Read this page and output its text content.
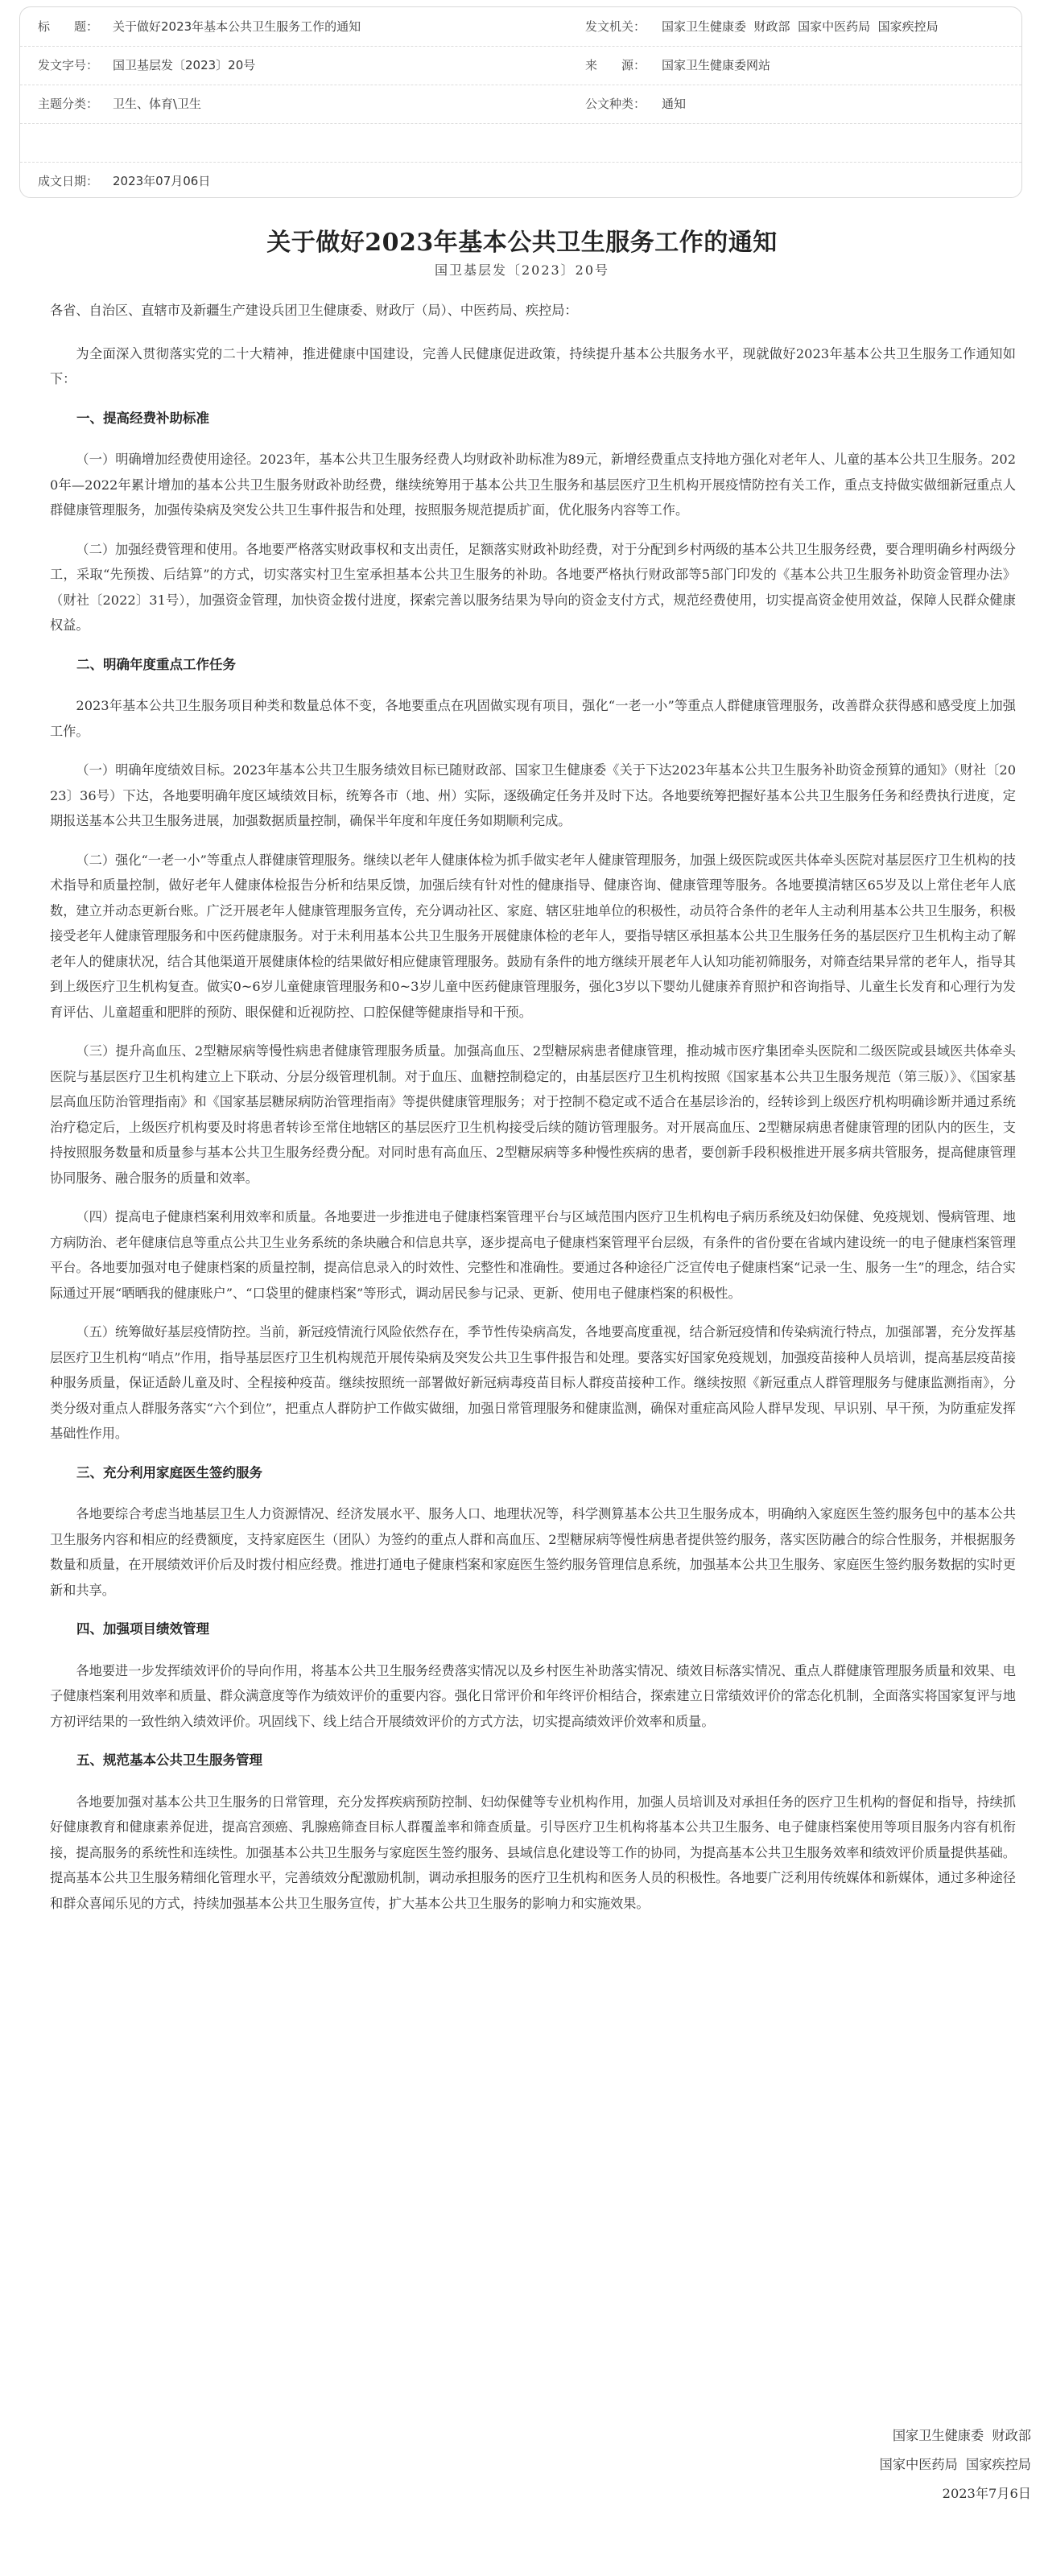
标　　题： 关于做好2023年基本公共卫生服务工作的通知	发文机关： 国家卫生健康委  财政部  国家中医药局  国家疾控局
发文字号： 国卫基层发〔2023〕20号	来　　源： 国家卫生健康委网站
主题分类： 卫生、体育\卫生	公文种类： 通知
成文日期： 2023年07月06日
关于做好2023年基本公共卫生服务工作的通知
国卫基层发〔2023〕20号

各省、自治区、直辖市及新疆生产建设兵团卫生健康委、财政厅（局）、中医药局、疾控局：

为全面深入贯彻落实党的二十大精神，推进健康中国建设，完善人民健康促进政策，持续提升基本公共服务水平，现就做好2023年基本公共卫生服务工作通知如下：

一、提高经费补助标准

（一）明确增加经费使用途径。2023年，基本公共卫生服务经费人均财政补助标准为89元，新增经费重点支持地方强化对老年人、儿童的基本公共卫生服务。2020年—2022年累计增加的基本公共卫生服务财政补助经费，继续统筹用于基本公共卫生服务和基层医疗卫生机构开展疫情防控有关工作，重点支持做实做细新冠重点人群健康管理服务，加强传染病及突发公共卫生事件报告和处理，按照服务规范提质扩面，优化服务内容等工作。

（二）加强经费管理和使用。各地要严格落实财政事权和支出责任，足额落实财政补助经费，对于分配到乡村两级的基本公共卫生服务经费，要合理明确乡村两级分工，采取“先预拨、后结算”的方式，切实落实村卫生室承担基本公共卫生服务的补助。各地要严格执行财政部等5部门印发的《基本公共卫生服务补助资金管理办法》（财社〔2022〕31号），加强资金管理，加快资金拨付进度，探索完善以服务结果为导向的资金支付方式，规范经费使用，切实提高资金使用效益，保障人民群众健康权益。

二、明确年度重点工作任务

2023年基本公共卫生服务项目种类和数量总体不变，各地要重点在巩固做实现有项目，强化“一老一小”等重点人群健康管理服务，改善群众获得感和感受度上加强工作。

（一）明确年度绩效目标。2023年基本公共卫生服务绩效目标已随财政部、国家卫生健康委《关于下达2023年基本公共卫生服务补助资金预算的通知》（财社〔2023〕36号）下达，各地要明确年度区域绩效目标，统筹各市（地、州）实际，逐级确定任务并及时下达。各地要统筹把握好基本公共卫生服务任务和经费执行进度，定期报送基本公共卫生服务进展，加强数据质量控制，确保半年度和年度任务如期顺利完成。

（二）强化“一老一小”等重点人群健康管理服务。继续以老年人健康体检为抓手做实老年人健康管理服务，加强上级医院或医共体牵头医院对基层医疗卫生机构的技术指导和质量控制，做好老年人健康体检报告分析和结果反馈，加强后续有针对性的健康指导、健康咨询、健康管理等服务。各地要摸清辖区65岁及以上常住老年人底数，建立并动态更新台账。广泛开展老年人健康管理服务宣传，充分调动社区、家庭、辖区驻地单位的积极性，动员符合条件的老年人主动利用基本公共卫生服务，积极接受老年人健康管理服务和中医药健康服务。对于未利用基本公共卫生服务开展健康体检的老年人，要指导辖区承担基本公共卫生服务任务的基层医疗卫生机构主动了解老年人的健康状况，结合其他渠道开展健康体检的结果做好相应健康管理服务。鼓励有条件的地方继续开展老年人认知功能初筛服务，对筛查结果异常的老年人，指导其到上级医疗卫生机构复查。做实0~6岁儿童健康管理服务和0~3岁儿童中医药健康管理服务，强化3岁以下婴幼儿健康养育照护和咨询指导、儿童生长发育和心理行为发育评估、儿童超重和肥胖的预防、眼保健和近视防控、口腔保健等健康指导和干预。

（三）提升高血压、2型糖尿病等慢性病患者健康管理服务质量。加强高血压、2型糖尿病患者健康管理，推动城市医疗集团牵头医院和二级医院或县域医共体牵头医院与基层医疗卫生机构建立上下联动、分层分级管理机制。对于血压、血糖控制稳定的，由基层医疗卫生机构按照《国家基本公共卫生服务规范（第三版）》、《国家基层高血压防治管理指南》和《国家基层糖尿病防治管理指南》等提供健康管理服务；对于控制不稳定或不适合在基层诊治的，经转诊到上级医疗机构明确诊断并通过系统治疗稳定后，上级医疗机构要及时将患者转诊至常住地辖区的基层医疗卫生机构接受后续的随访管理服务。对开展高血压、2型糖尿病患者健康管理的团队内的医生，支持按照服务数量和质量参与基本公共卫生服务经费分配。对同时患有高血压、2型糖尿病等多种慢性疾病的患者，要创新手段积极推进开展多病共管服务，提高健康管理协同服务、融合服务的质量和效率。

（四）提高电子健康档案利用效率和质量。各地要进一步推进电子健康档案管理平台与区域范围内医疗卫生机构电子病历系统及妇幼保健、免疫规划、慢病管理、地方病防治、老年健康信息等重点公共卫生业务系统的条块融合和信息共享，逐步提高电子健康档案管理平台层级，有条件的省份要在省域内建设统一的电子健康档案管理平台。各地要加强对电子健康档案的质量控制，提高信息录入的时效性、完整性和准确性。要通过各种途径广泛宣传电子健康档案“记录一生、服务一生”的理念，结合实际通过开展“晒晒我的健康账户”、“口袋里的健康档案”等形式，调动居民参与记录、更新、使用电子健康档案的积极性。

（五）统筹做好基层疫情防控。当前，新冠疫情流行风险依然存在，季节性传染病高发，各地要高度重视，结合新冠疫情和传染病流行特点，加强部署，充分发挥基层医疗卫生机构“哨点”作用，指导基层医疗卫生机构规范开展传染病及突发公共卫生事件报告和处理。要落实好国家免疫规划，加强疫苗接种人员培训，提高基层疫苗接种服务质量，保证适龄儿童及时、全程接种疫苗。继续按照统一部署做好新冠病毒疫苗目标人群疫苗接种工作。继续按照《新冠重点人群管理服务与健康监测指南》，分类分级对重点人群服务落实“六个到位”，把重点人群防护工作做实做细，加强日常管理服务和健康监测，确保对重症高风险人群早发现、早识别、早干预，为防重症发挥基础性作用。

三、充分利用家庭医生签约服务

各地要综合考虑当地基层卫生人力资源情况、经济发展水平、服务人口、地理状况等，科学测算基本公共卫生服务成本，明确纳入家庭医生签约服务包中的基本公共卫生服务内容和相应的经费额度，支持家庭医生（团队）为签约的重点人群和高血压、2型糖尿病等慢性病患者提供签约服务，落实医防融合的综合性服务，并根据服务数量和质量，在开展绩效评价后及时拨付相应经费。推进打通电子健康档案和家庭医生签约服务管理信息系统，加强基本公共卫生服务、家庭医生签约服务数据的实时更新和共享。

四、加强项目绩效管理

各地要进一步发挥绩效评价的导向作用，将基本公共卫生服务经费落实情况以及乡村医生补助落实情况、绩效目标落实情况、重点人群健康管理服务质量和效果、电子健康档案利用效率和质量、群众满意度等作为绩效评价的重要内容。强化日常评价和年终评价相结合，探索建立日常绩效评价的常态化机制，全面落实将国家复评与地方初评结果的一致性纳入绩效评价。巩固线下、线上结合开展绩效评价的方式方法，切实提高绩效评价效率和质量。

五、规范基本公共卫生服务管理

各地要加强对基本公共卫生服务的日常管理，充分发挥疾病预防控制、妇幼保健等专业机构作用，加强人员培训及对承担任务的医疗卫生机构的督促和指导，持续抓好健康教育和健康素养促进，提高宫颈癌、乳腺癌筛查目标人群覆盖率和筛查质量。引导医疗卫生机构将基本公共卫生服务、电子健康档案使用等项目服务内容有机衔接，提高服务的系统性和连续性。加强基本公共卫生服务与家庭医生签约服务、县域信息化建设等工作的协同，为提高基本公共卫生服务效率和绩效评价质量提供基础。提高基本公共卫生服务精细化管理水平，完善绩效分配激励机制，调动承担服务的医疗卫生机构和医务人员的积极性。各地要广泛利用传统媒体和新媒体，通过多种途径和群众喜闻乐见的方式，持续加强基本公共卫生服务宣传，扩大基本公共卫生服务的影响力和实施效果。

国家卫生健康委  财政部
国家中医药局  国家疾控局
2023年7月6日
